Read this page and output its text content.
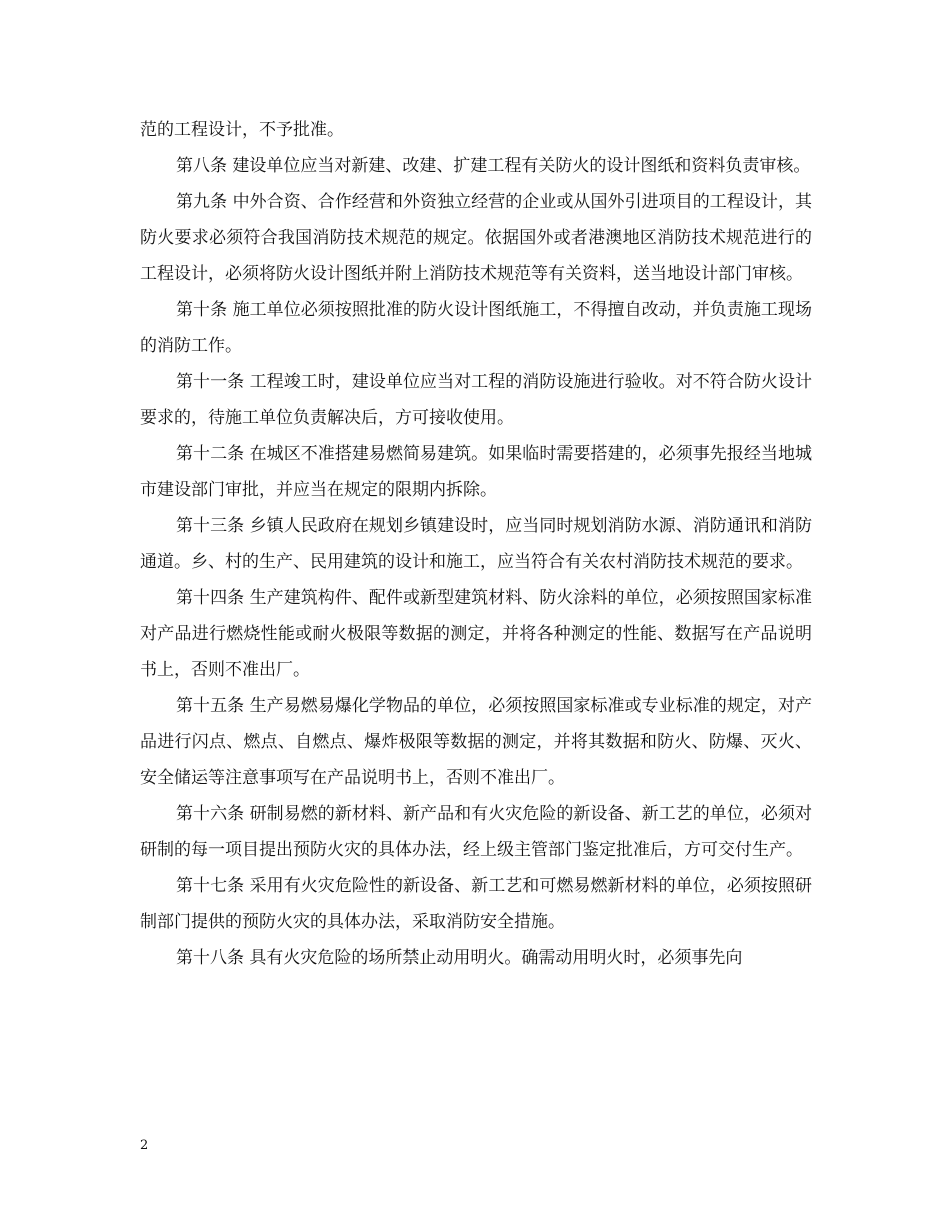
范的工程设计，不予批准。

第八条 建设单位应当对新建、改建、扩建工程有关防火的设计图纸和资料负责审核。

第九条 中外合资、合作经营和外资独立经营的企业或从国外引进项目的工程设计，其防火要求必须符合我国消防技术规范的规定。依据国外或者港澳地区消防技术规范进行的工程设计，必须将防火设计图纸并附上消防技术规范等有关资料，送当地设计部门审核。

第十条 施工单位必须按照批准的防火设计图纸施工，不得擅自改动，并负责施工现场的消防工作。

第十一条 工程竣工时，建设单位应当对工程的消防设施进行验收。对不符合防火设计要求的，待施工单位负责解决后，方可接收使用。

第十二条 在城区不准搭建易燃简易建筑。如果临时需要搭建的，必须事先报经当地城市建设部门审批，并应当在规定的限期内拆除。

第十三条 乡镇人民政府在规划乡镇建设时，应当同时规划消防水源、消防通讯和消防通道。乡、村的生产、民用建筑的设计和施工，应当符合有关农村消防技术规范的要求。

第十四条 生产建筑构件、配件或新型建筑材料、防火涂料的单位，必须按照国家标准对产品进行燃烧性能或耐火极限等数据的测定，并将各种测定的性能、数据写在产品说明书上，否则不准出厂。

第十五条 生产易燃易爆化学物品的单位，必须按照国家标准或专业标准的规定，对产品进行闪点、燃点、自燃点、爆炸极限等数据的测定，并将其数据和防火、防爆、灭火、安全储运等注意事项写在产品说明书上，否则不准出厂。

第十六条 研制易燃的新材料、新产品和有火灾危险的新设备、新工艺的单位，必须对研制的每一项目提出预防火灾的具体办法，经上级主管部门鉴定批准后，方可交付生产。

第十七条 采用有火灾危险性的新设备、新工艺和可燃易燃新材料的单位，必须按照研制部门提供的预防火灾的具体办法，采取消防安全措施。

第十八条 具有火灾危险的场所禁止动用明火。确需动用明火时，必须事先向

2
